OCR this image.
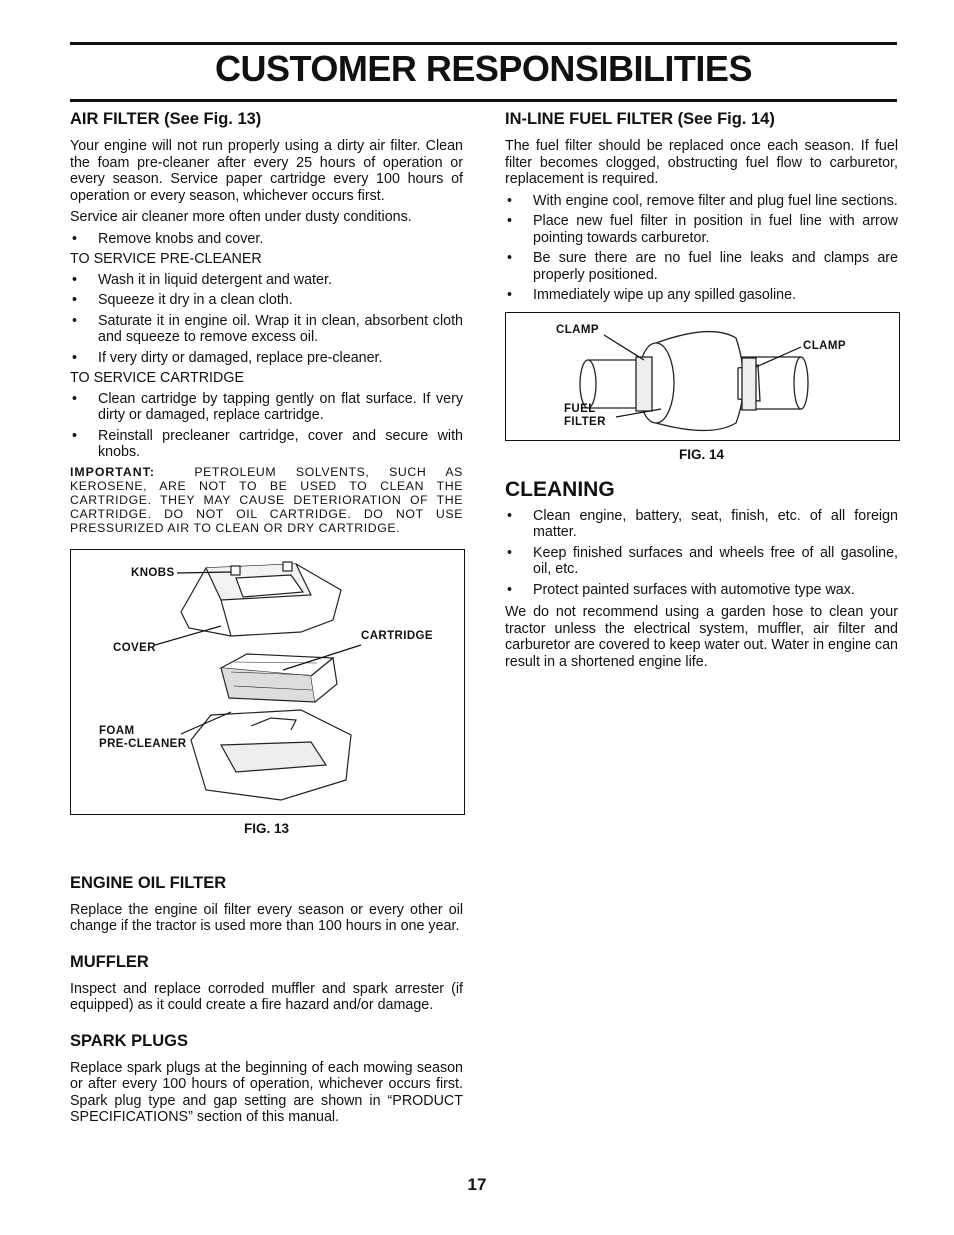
CUSTOMER RESPONSIBILITIES
AIR FILTER (See Fig. 13)

Your engine will not run properly using a dirty air filter. Clean the foam pre-cleaner after every 25 hours of operation or every season. Service paper cartridge every 100 hours of operation or every season, whichever occurs first.

Service air cleaner more often under dusty conditions.

• Remove knobs and cover.
TO SERVICE PRE-CLEANER
• Wash it in liquid detergent and water.
• Squeeze it dry in a clean cloth.
• Saturate it in engine oil. Wrap it in clean, absorbent cloth and squeeze to remove excess oil.
• If very dirty or damaged, replace pre-cleaner.
TO SERVICE CARTRIDGE
• Clean cartridge by tapping gently on flat surface. If very dirty or damaged, replace cartridge.
• Reinstall precleaner cartridge, cover and secure with knobs.

IMPORTANT:	PETROLEUM SOLVENTS, SUCH AS KEROSENE, ARE NOT TO BE USED TO CLEAN THE CARTRIDGE. THEY MAY CAUSE DETERIORATION OF THE CARTRIDGE. DO NOT OIL CARTRIDGE. DO NOT USE PRESSURIZED AIR TO CLEAN OR DRY CARTRIDGE.

KNOBS
COVER
CARTRIDGE
FOAM
PRE-CLEANER
FIG. 13
ENGINE OIL FILTER

Replace the engine oil filter every season or every other oil change if the tractor is used more than 100 hours in one year.

MUFFLER

Inspect and replace corroded muffler and spark arrester (if equipped) as it could create a fire hazard and/or damage.

SPARK PLUGS

Replace spark plugs at the beginning of each mowing season or after every 100 hours of operation, whichever occurs first. Spark plug type and gap setting are shown in “PRODUCT SPECIFICATIONS” section of this manual.

IN-LINE FUEL FILTER (See Fig. 14)

The fuel filter should be replaced once each season. If fuel filter becomes clogged, obstructing fuel flow to carburetor, replacement is required.

• With engine cool, remove filter and plug fuel line sections.
• Place new fuel filter in position in fuel line with arrow pointing towards carburetor.
• Be sure there are no fuel line leaks and clamps are properly positioned.
• Immediately wipe up any spilled gasoline.
CLAMP
CLAMP
FUEL
FILTER
FIG. 14
CLEANING
• Clean engine, battery, seat, finish, etc. of all foreign matter.
• Keep finished surfaces and wheels free of all gasoline, oil, etc.
• Protect painted surfaces with automotive type wax.

We do not recommend using a garden hose to clean your tractor unless the electrical system, muffler, air filter and carburetor are covered to keep water out. Water in engine can result in a shortened engine life.

17
